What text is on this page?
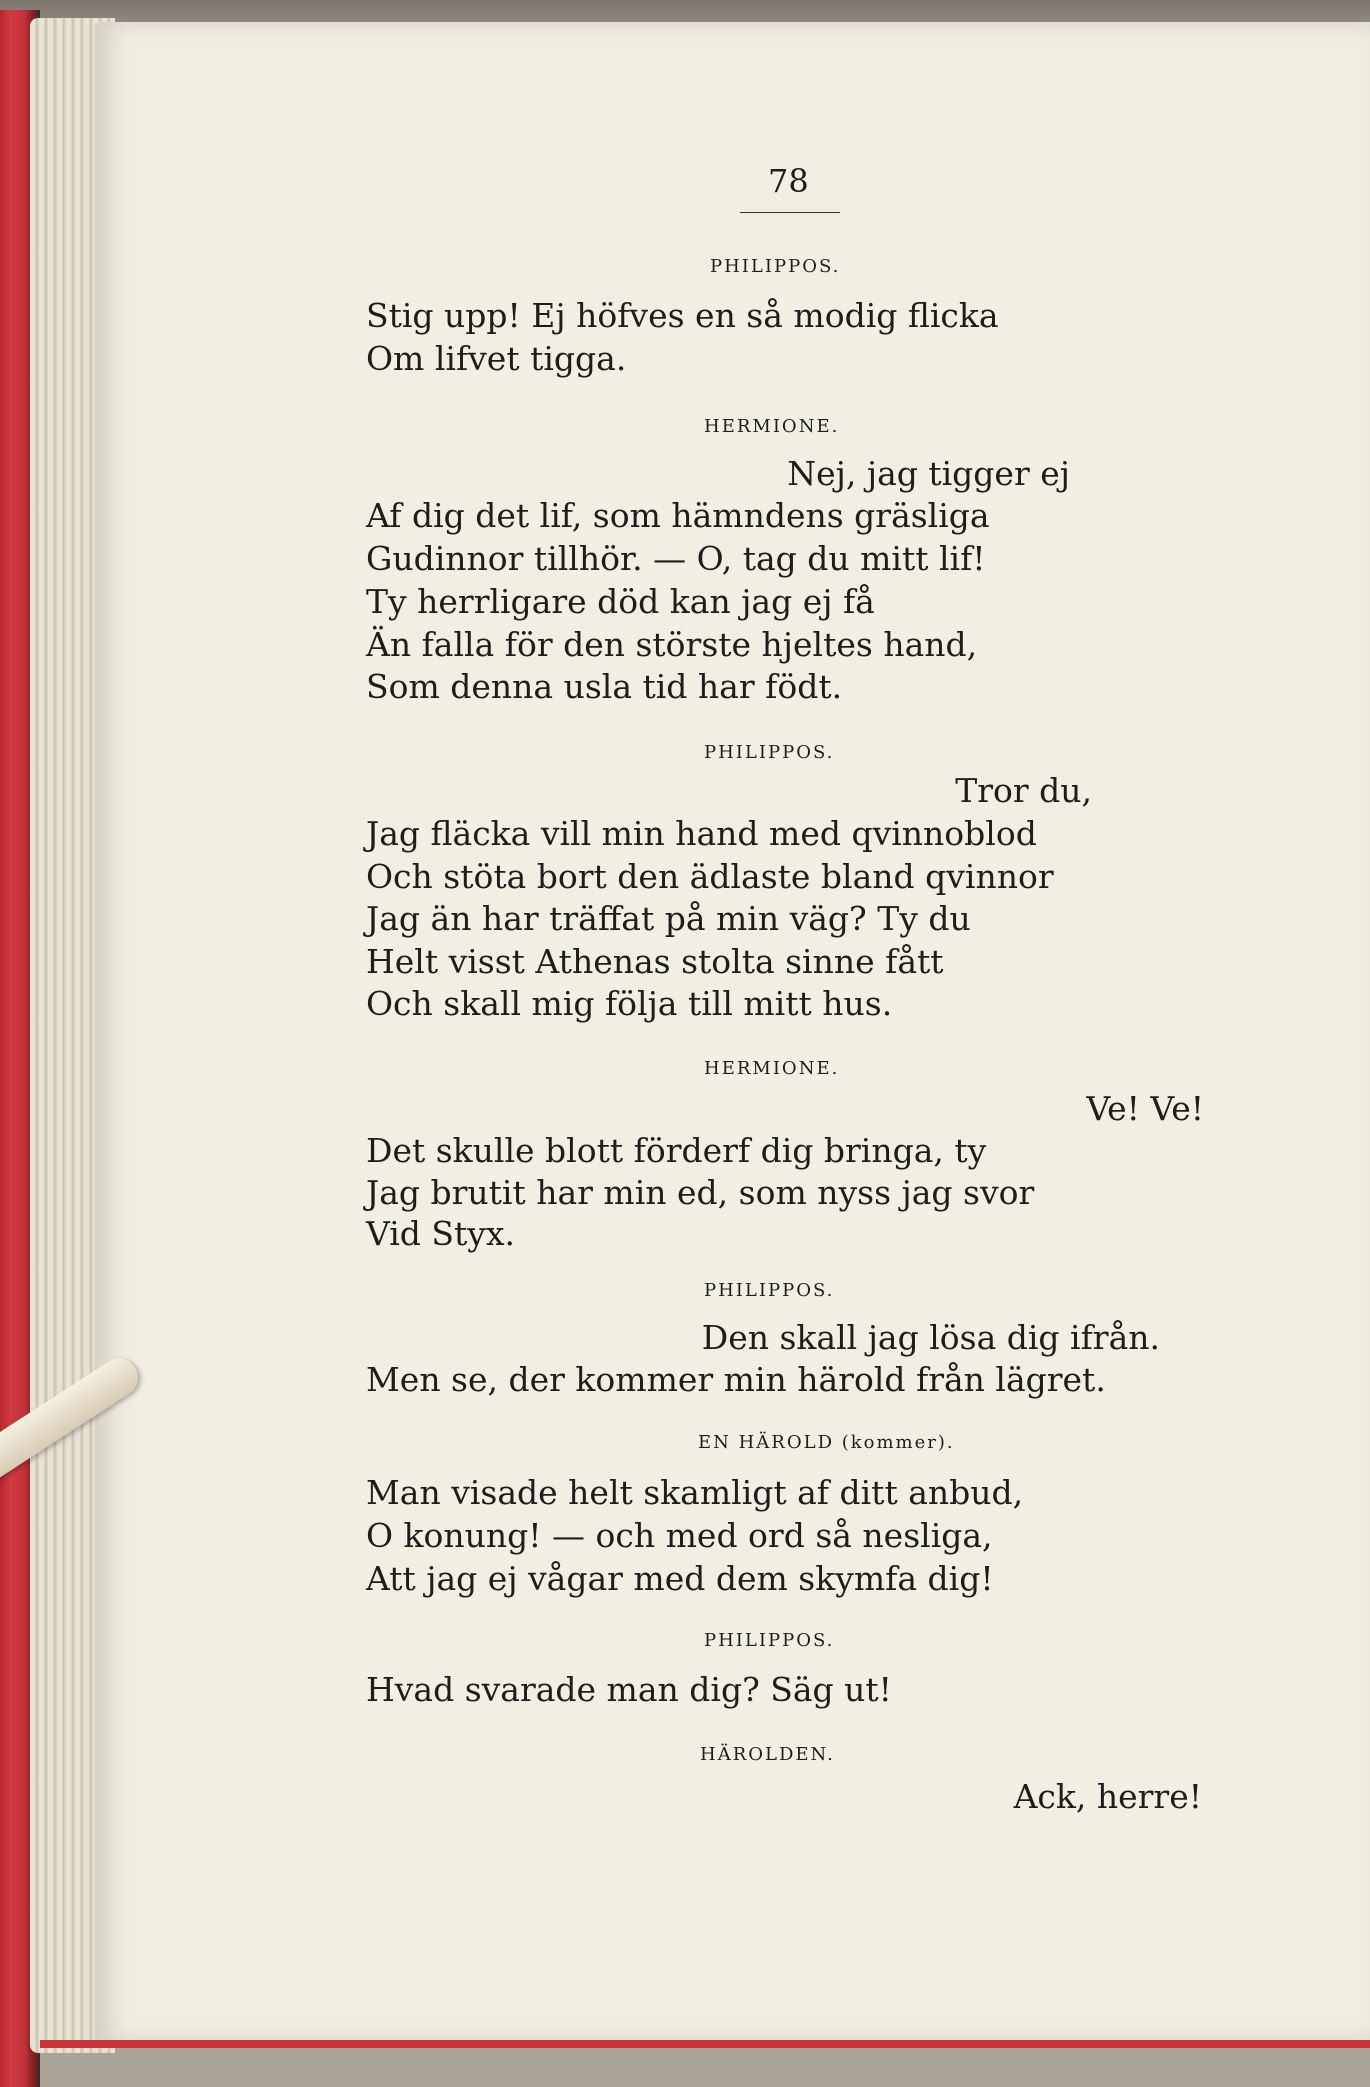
78

PHILIPPOS.

Stig upp! Ej höfves en så modig flicka

Om lifvet tigga.

HERMIONE.

Nej, jag tigger ej

Af dig det lif, som hämndens gräsliga

Gudinnor tillhör. — O, tag du mitt lif!

Ty herrligare död kan jag ej få

Än falla för den störste hjeltes hand,

Som denna usla tid har födt.

PHILIPPOS.

Tror du,

Jag fläcka vill min hand med qvinnoblod

Och stöta bort den ädlaste bland qvinnor

Jag än har träffat på min väg? Ty du

Helt visst Athenas stolta sinne fått

Och skall mig följa till mitt hus.

HERMIONE.

Ve! Ve!

Det skulle blott förderf dig bringa, ty

Jag brutit har min ed, som nyss jag svor

Vid Styx.

PHILIPPOS.

Den skall jag lösa dig ifrån.

Men se, der kommer min härold från lägret.

EN HÄROLD (kommer).

Man visade helt skamligt af ditt anbud,

O konung! — och med ord så nesliga,

Att jag ej vågar med dem skymfa dig!

PHILIPPOS.

Hvad svarade man dig? Säg ut!

HÄROLDEN.

Ack, herre!
